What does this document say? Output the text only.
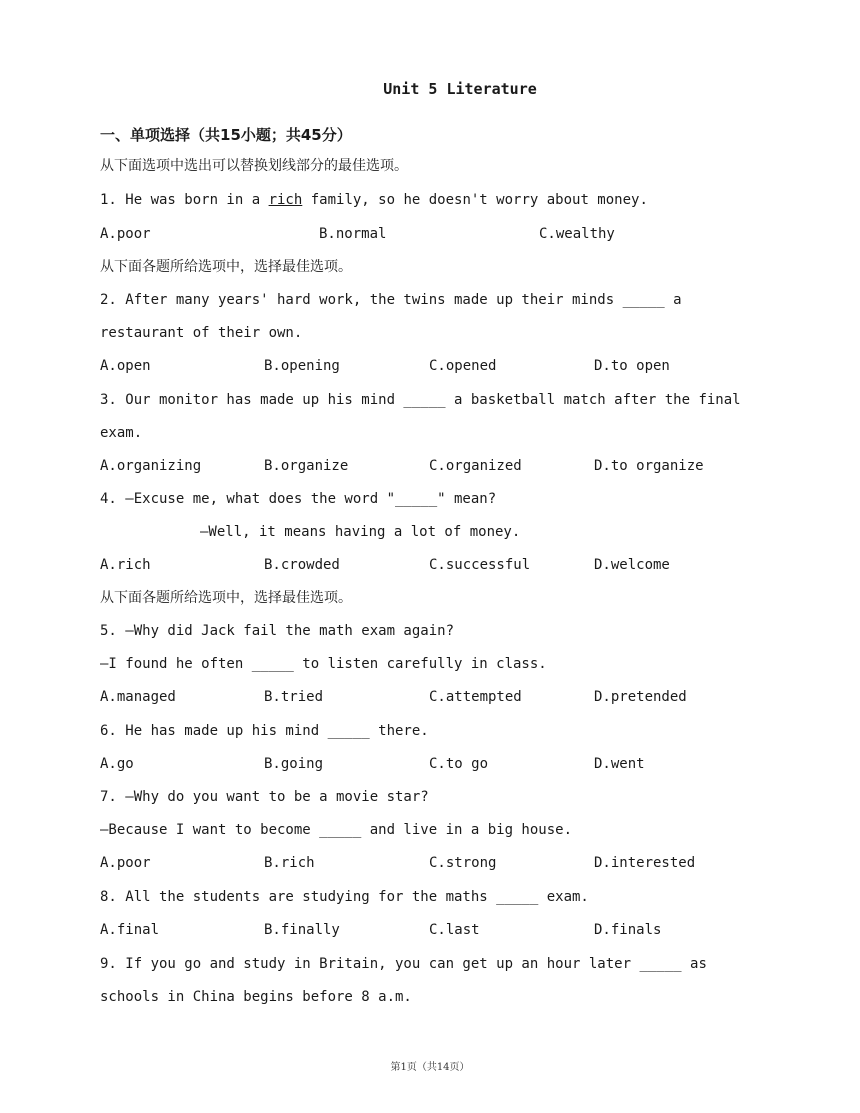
Unit 5 Literature
一、单项选择（共15小题；共45分）
从下面选项中选出可以替换划线部分的最佳选项。
1. He was born in a rich family, so he doesn't worry about money.
A.poor	B.normal	C.wealthy
从下面各题所给选项中，选择最佳选项。
2. After many years' hard work, the twins made up their minds _____ a
restaurant of their own.
A.open	B.opening	C.opened	D.to open
3. Our monitor has made up his mind _____ a basketball match after the final
exam.
A.organizing	B.organize	C.organized	D.to organize
4. —Excuse me, what does the word "_____" mean?
—Well, it means having a lot of money.
A.rich	B.crowded	C.successful	D.welcome
从下面各题所给选项中，选择最佳选项。
5. —Why did Jack fail the math exam again?
—I found he often _____ to listen carefully in class.
A.managed	B.tried	C.attempted	D.pretended
6. He has made up his mind _____ there.
A.go	B.going	C.to go	D.went
7. —Why do you want to be a movie star?
—Because I want to become _____ and live in a big house.
A.poor	B.rich	C.strong	D.interested
8. All the students are studying for the maths _____ exam.
A.final	B.finally	C.last	D.finals
9. If you go and study in Britain, you can get up an hour later _____ as
schools in China begins before 8 a.m.
第1页（共14页）
